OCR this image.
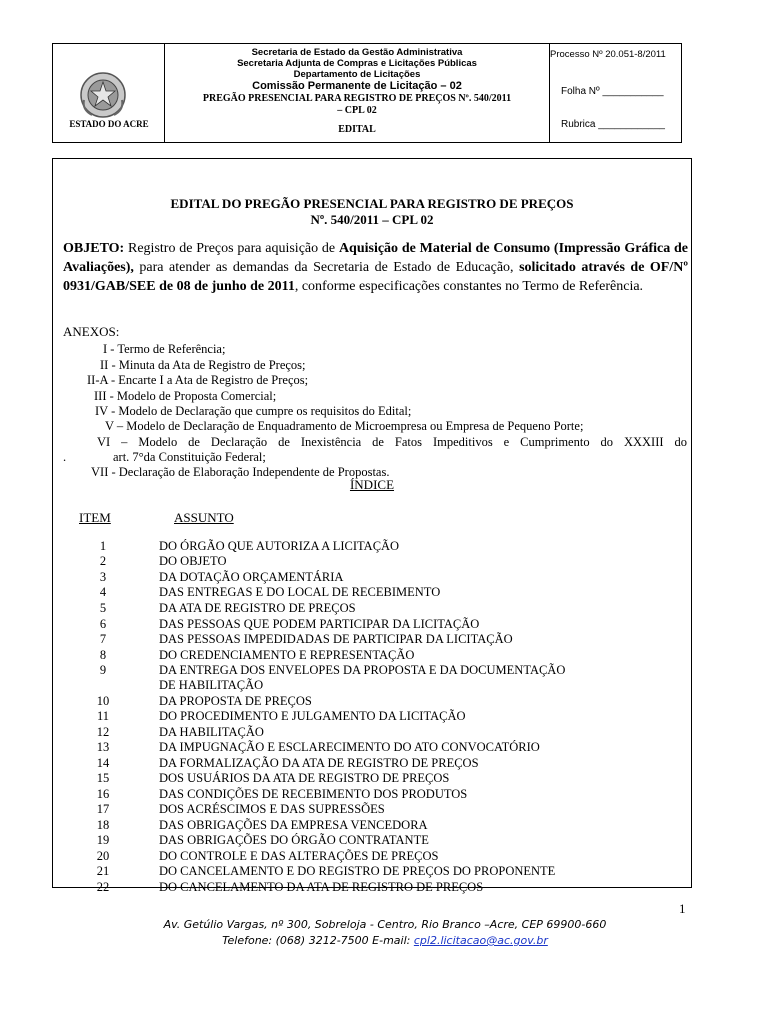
ESTADO DO ACRE
Secretaria de Estado da Gestão Administrativa
Secretaria Adjunta de Compras e Licitações Públicas
Departamento de Licitações
Comissão Permanente de Licitação – 02
PREGÃO PRESENCIAL PARA REGISTRO DE PREÇOS Nº. 540/2011
– CPL 02
EDITAL
Processo Nº 20.051-8/2011
Folha Nº ___________
Rubrica ____________
EDITAL DO PREGÃO PRESENCIAL PARA REGISTRO DE PREÇOS
Nº. 540/2011 – CPL 02
OBJETO: Registro de Preços para aquisição de Aquisição de Material de Consumo (Impressão Gráfica de Avaliações), para atender as demandas da Secretaria de Estado de Educação, solicitado através de OF/Nº 0931/GAB/SEE de 08 de junho de 2011, conforme especificações constantes no Termo de Referência.
ANEXOS:
I - Termo de Referência;
II - Minuta da Ata de Registro de Preços;
II-A - Encarte I a Ata de Registro de Preços;
III - Modelo de Proposta Comercial;
IV - Modelo de Declaração que cumpre os requisitos do Edital;
V – Modelo de Declaração de Enquadramento de Microempresa ou Empresa de Pequeno Porte;
VI – Modelo de Declaração de Inexistência de Fatos Impeditivos e Cumprimento do XXXIII do
.	art. 7°da Constituição Federal;
VII - Declaração de Elaboração Independente de Propostas.
ÍNDICE
ITEM	ASSUNTO
1	DO ÓRGÃO QUE AUTORIZA A LICITAÇÃO
2	DO OBJETO
3	DA DOTAÇÃO ORÇAMENTÁRIA
4	DAS ENTREGAS E DO LOCAL DE RECEBIMENTO
5	DA ATA DE REGISTRO DE PREÇOS
6	DAS PESSOAS QUE PODEM PARTICIPAR DA LICITAÇÃO
7	DAS PESSOAS IMPEDIDADAS DE PARTICIPAR DA LICITAÇÃO
8	DO CREDENCIAMENTO E REPRESENTAÇÃO
9	DA ENTREGA DOS ENVELOPES DA PROPOSTA E DA DOCUMENTAÇÃO
DE HABILITAÇÃO
10	DA PROPOSTA DE PREÇOS
11	DO PROCEDIMENTO E JULGAMENTO DA LICITAÇÃO
12	DA HABILITAÇÃO
13	DA IMPUGNAÇÃO E ESCLARECIMENTO DO ATO CONVOCATÓRIO
14	DA FORMALIZAÇÃO DA ATA DE REGISTRO DE PREÇOS
15	DOS USUÁRIOS DA ATA DE REGISTRO DE PREÇOS
16	DAS CONDIÇÕES DE RECEBIMENTO DOS PRODUTOS
17	DOS ACRÉSCIMOS E DAS SUPRESSÕES
18	DAS OBRIGAÇÕES DA EMPRESA VENCEDORA
19	DAS OBRIGAÇÕES DO ÓRGÃO CONTRATANTE
20	DO CONTROLE E DAS ALTERAÇÕES DE PREÇOS
21	DO CANCELAMENTO E DO REGISTRO DE PREÇOS DO PROPONENTE
22	DO CANCELAMENTO DA ATA DE REGISTRO DE PREÇOS
1
Av. Getúlio Vargas, nº 300, Sobreloja - Centro, Rio Branco –Acre, CEP 69900-660
Telefone: (068) 3212-7500 E-mail: cpl2.licitacao@ac.gov.br
